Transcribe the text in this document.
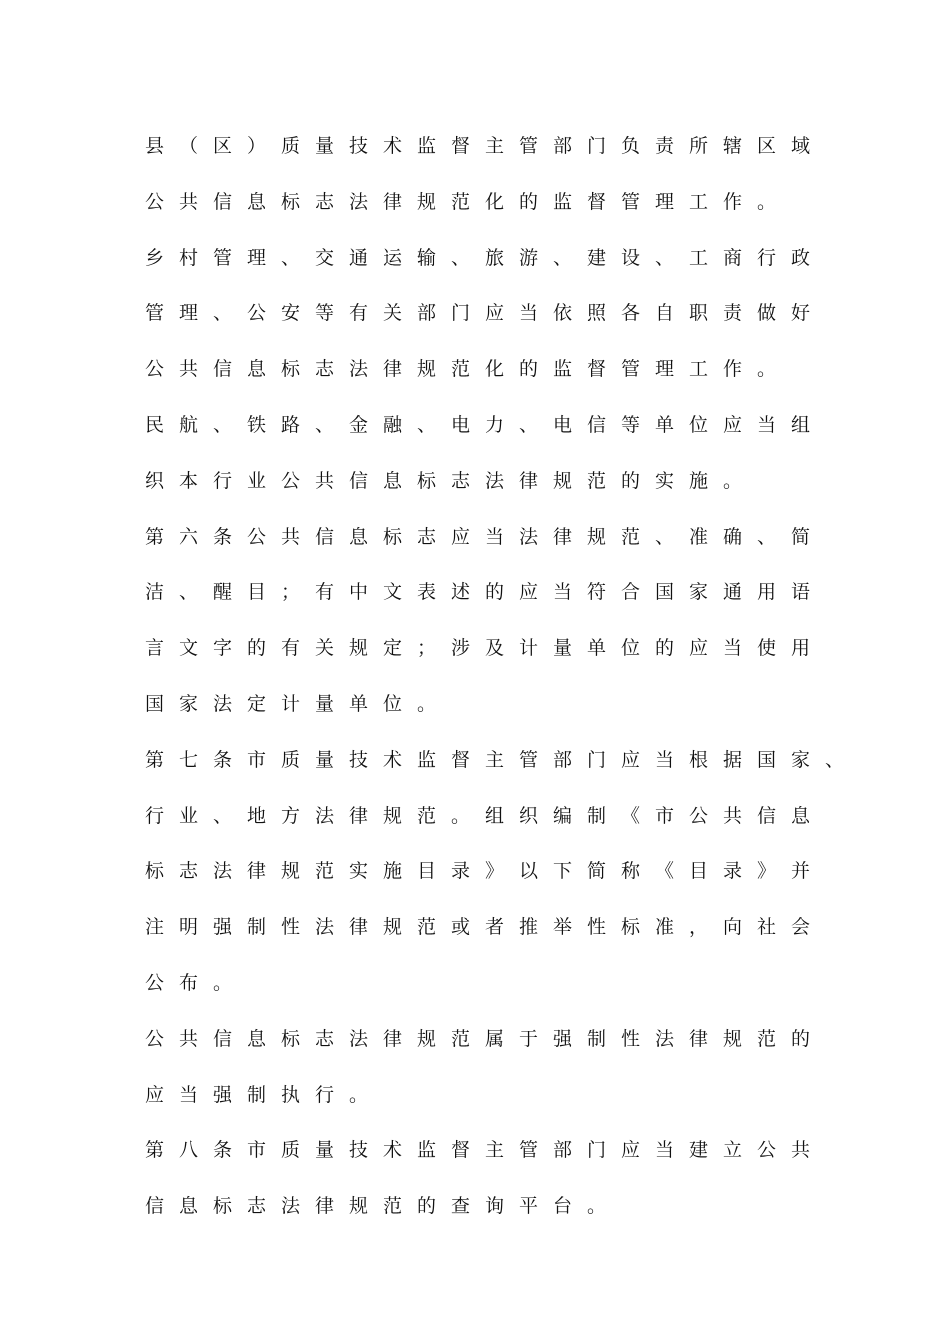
县（区）质量技术监督主管部门负责所辖区域
公共信息标志法律规范化的监督管理工作。
乡村管理、交通运输、旅游、建设、工商行政
管理、公安等有关部门应当依照各自职责做好
公共信息标志法律规范化的监督管理工作。
民航、铁路、金融、电力、电信等单位应当组
织本行业公共信息标志法律规范的实施。
第六条公共信息标志应当法律规范、准确、简
洁、醒目；有中文表述的应当符合国家通用语
言文字的有关规定；涉及计量单位的应当使用
国家法定计量单位。
第七条市质量技术监督主管部门应当根据国家、
行业、地方法律规范。组织编制《市公共信息
标志法律规范实施目录》以下简称《目录》并
注明强制性法律规范或者推举性标准，向社会
公布。
公共信息标志法律规范属于强制性法律规范的
应当强制执行。
第八条市质量技术监督主管部门应当建立公共
信息标志法律规范的查询平台。
